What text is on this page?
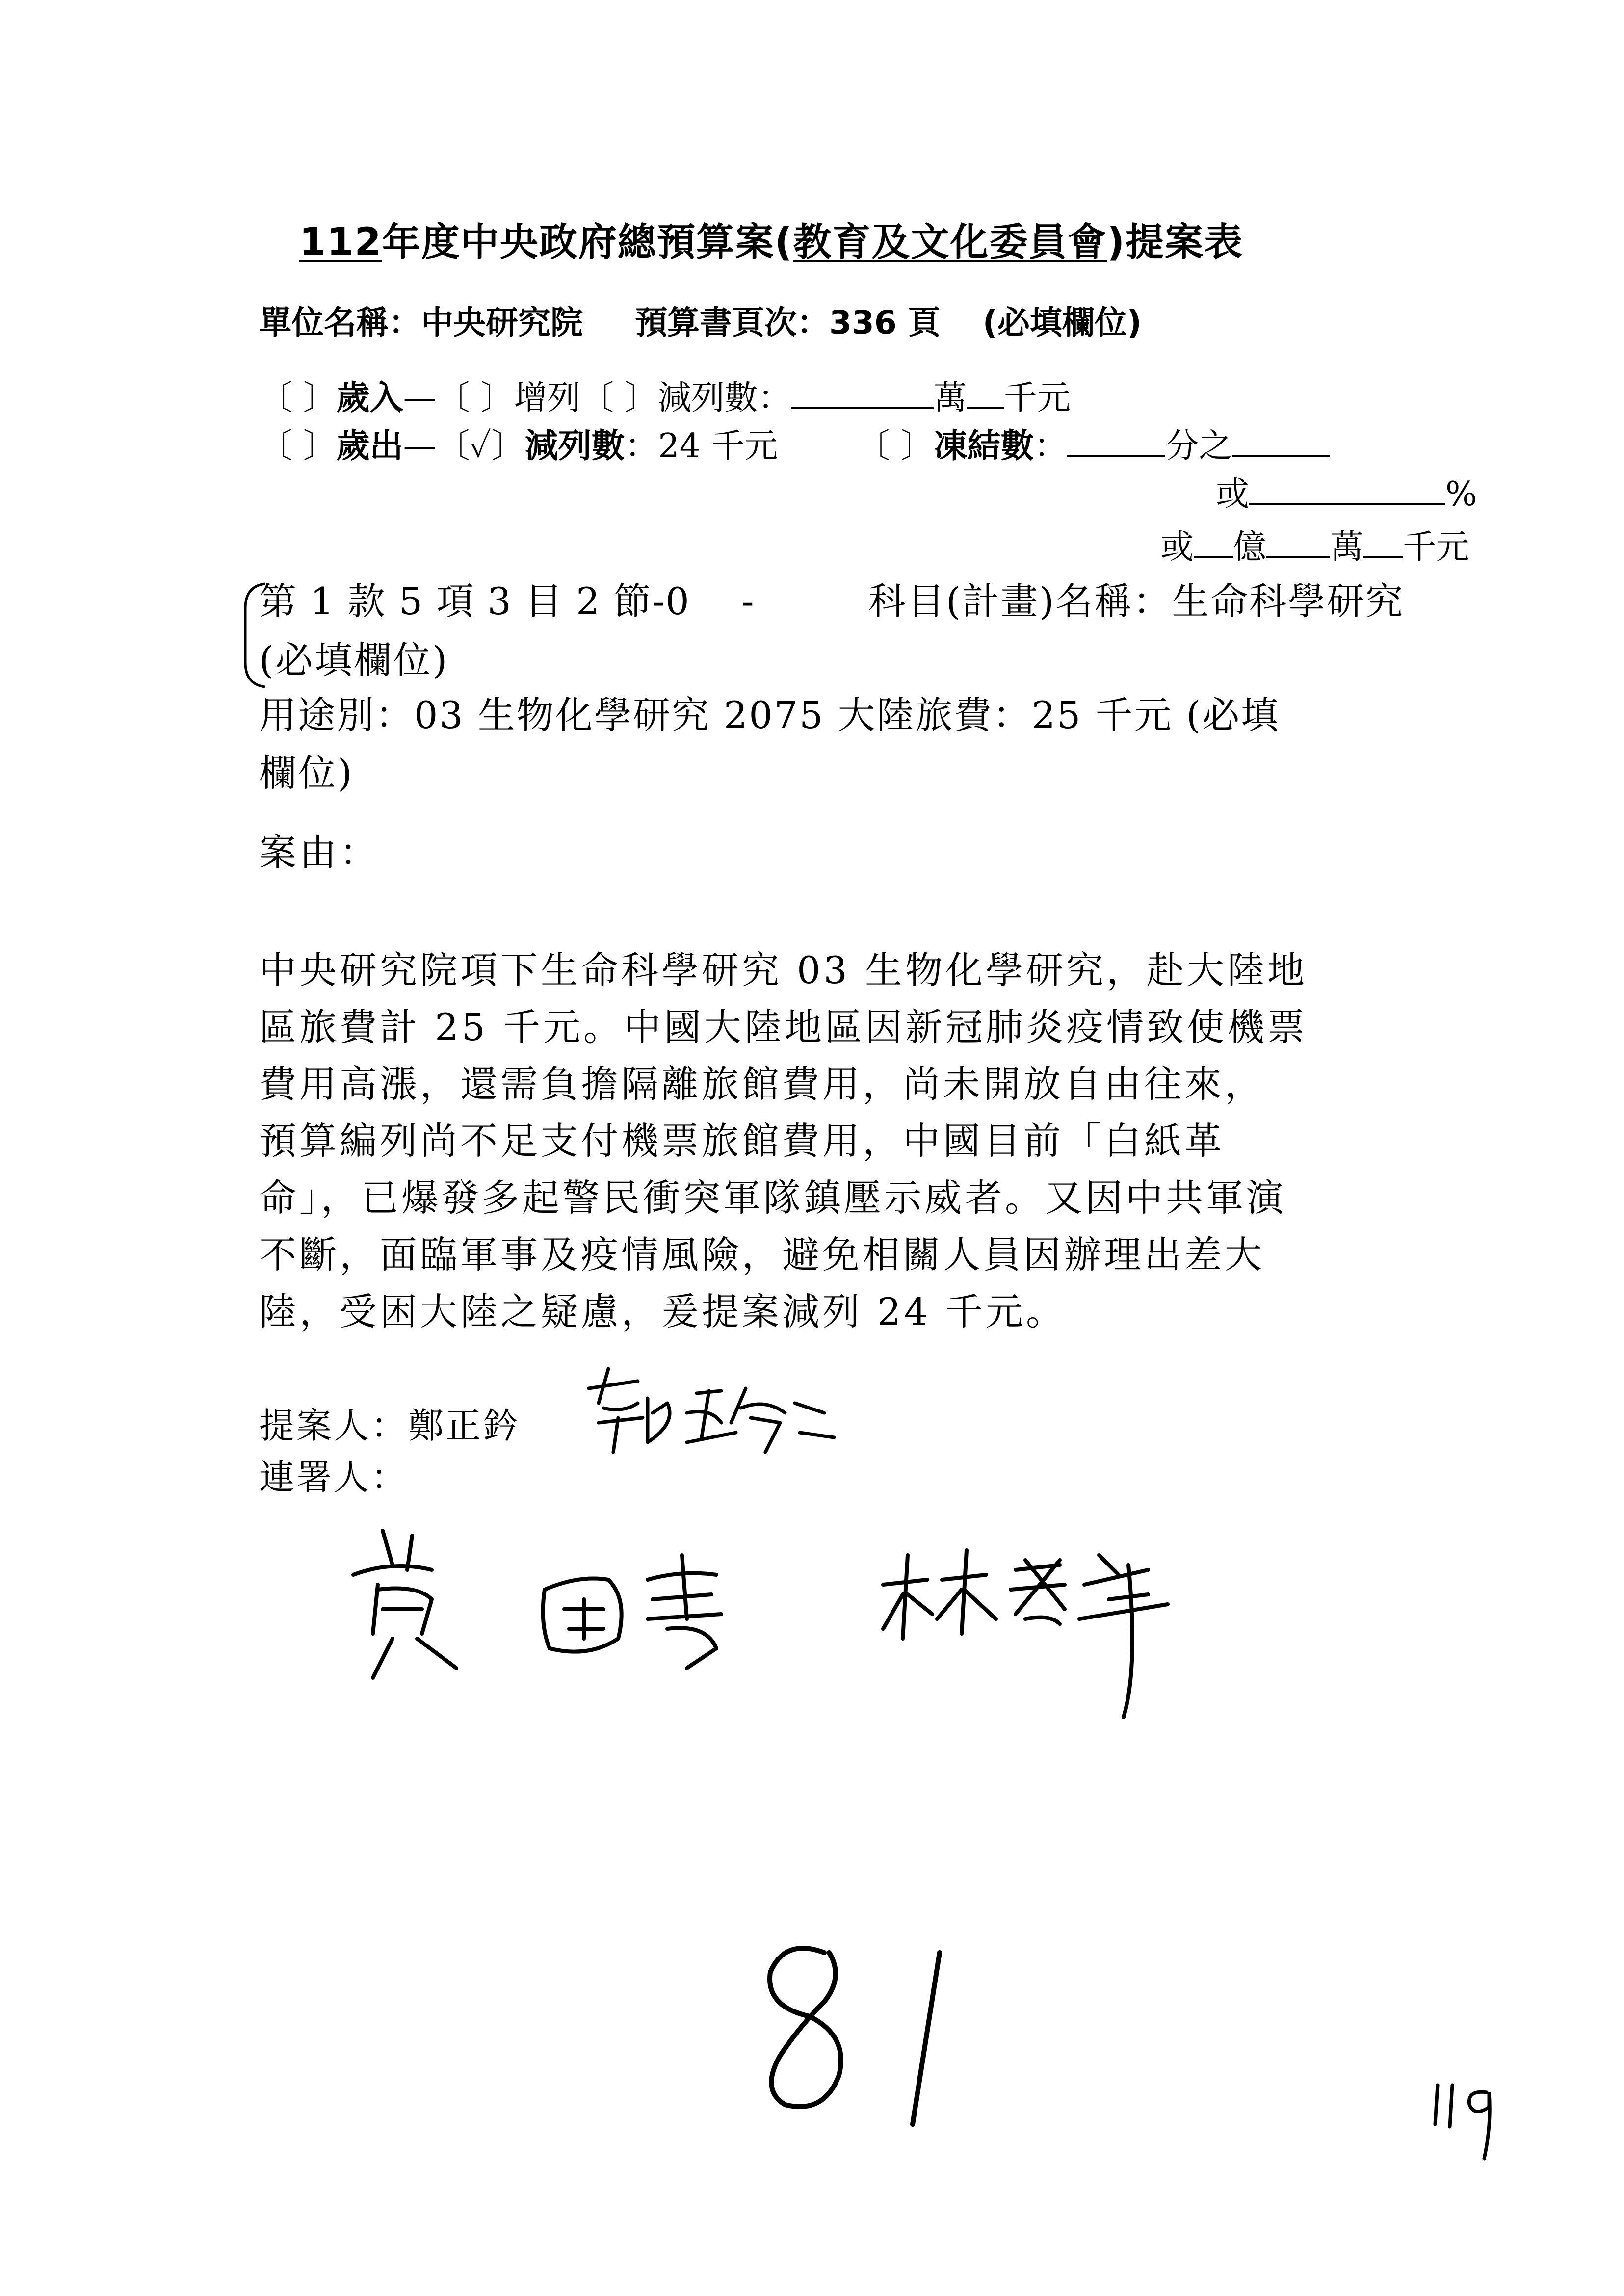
112年度中央政府總預算案(教育及文化委員會)提案表
單位名稱：中央研究院 預算書頁次：336 頁 (必填欄位)
〔 〕歲入—〔 〕增列〔 〕減列數：	萬 千元
〔 〕歲出—〔✓〕減列數：24 千元 〔 〕凍結數：	分之
或	%
或 億 萬 千元
第 1 款 5 項 3 目 2 節-0　 -	科目(計畫)名稱：生命科學研究
(必填欄位)
用途別：03 生物化學研究 2075 大陸旅費：25 千元 (必填
欄位)
案由：
中央研究院項下生命科學研究 03 生物化學研究，赴大陸地
區旅費計 25 千元。中國大陸地區因新冠肺炎疫情致使機票
費用高漲，還需負擔隔離旅館費用，尚未開放自由往來，
預算編列尚不足支付機票旅館費用，中國目前「白紙革
命」，已爆發多起警民衝突軍隊鎮壓示威者。又因中共軍演
不斷，面臨軍事及疫情風險，避免相關人員因辦理出差大
陸，受困大陸之疑慮，爰提案減列 24 千元。
提案人：鄭正鈐
連署人：
